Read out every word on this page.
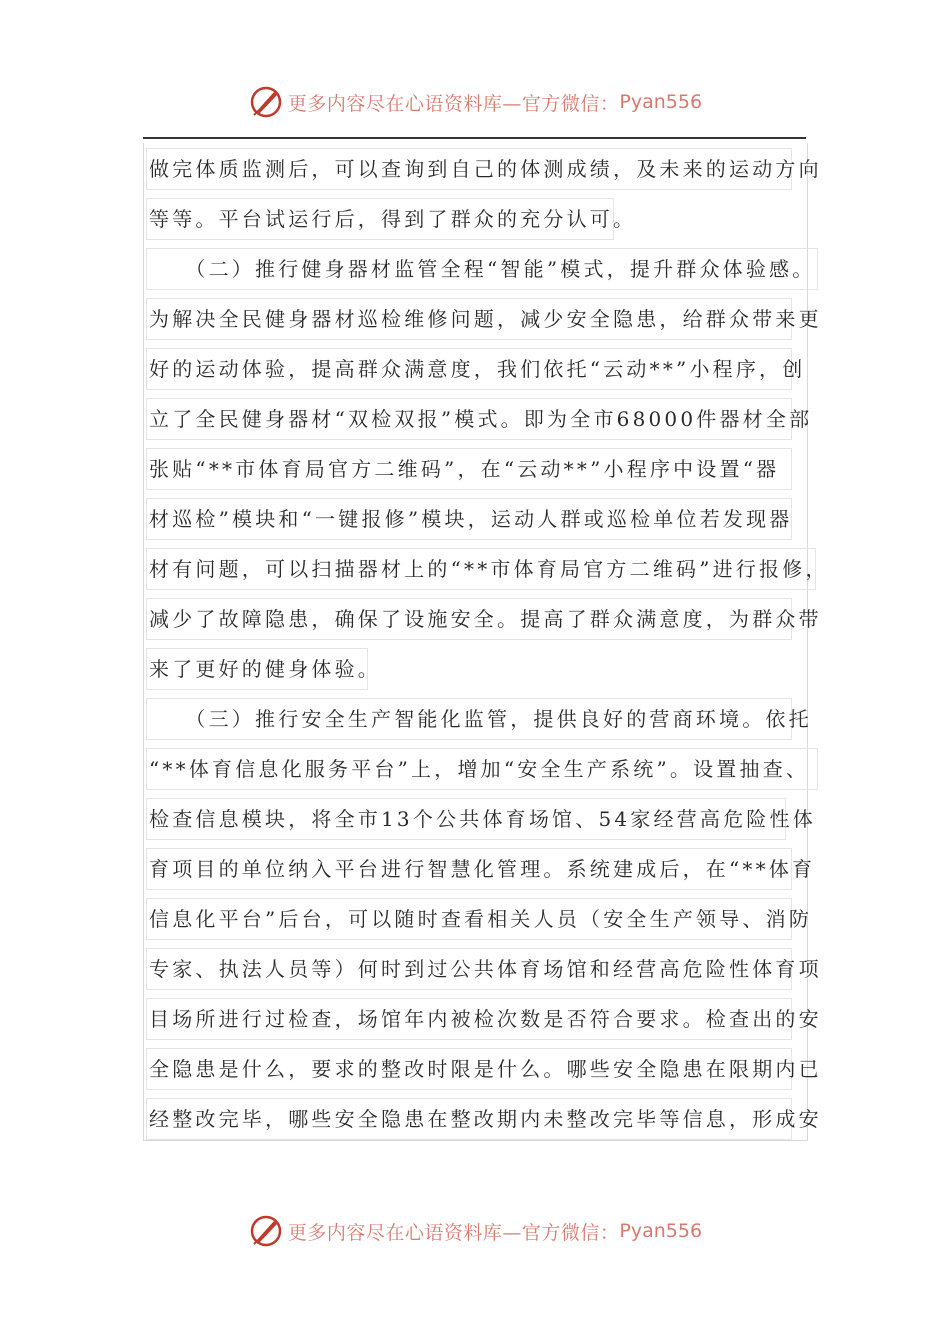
更多内容尽在心语资料库—官方微信： Pyan556
做完体质监测后，可以查询到自己的体测成绩，及未来的运动方向
等等。平台试运行后，得到了群众的充分认可。
　　（二）推行健身器材监管全程“智能”模式，提升群众体验感。
为解决全民健身器材巡检维修问题，减少安全隐患，给群众带来更
好的运动体验，提高群众满意度，我们依托“云动**”小程序，创
立了全民健身器材“双检双报”模式。即为全市68000件器材全部
张贴“**市体育局官方二维码”，在“云动**”小程序中设置“器
材巡检”模块和“一键报修”模块，运动人群或巡检单位若发现器
材有问题，可以扫描器材上的“**市体育局官方二维码”进行报修，
减少了故障隐患，确保了设施安全。提高了群众满意度，为群众带
来了更好的健身体验。
　　（三）推行安全生产智能化监管，提供良好的营商环境。依托
“**体育信息化服务平台”上，增加“安全生产系统”。设置抽查、
检查信息模块，将全市13个公共体育场馆、54家经营高危险性体
育项目的单位纳入平台进行智慧化管理。系统建成后，在“**体育
信息化平台”后台，可以随时查看相关人员（安全生产领导、消防
专家、执法人员等）何时到过公共体育场馆和经营高危险性体育项
目场所进行过检查，场馆年内被检次数是否符合要求。检查出的安
全隐患是什么，要求的整改时限是什么。哪些安全隐患在限期内已
经整改完毕，哪些安全隐患在整改期内未整改完毕等信息，形成安
更多内容尽在心语资料库—官方微信： Pyan556
